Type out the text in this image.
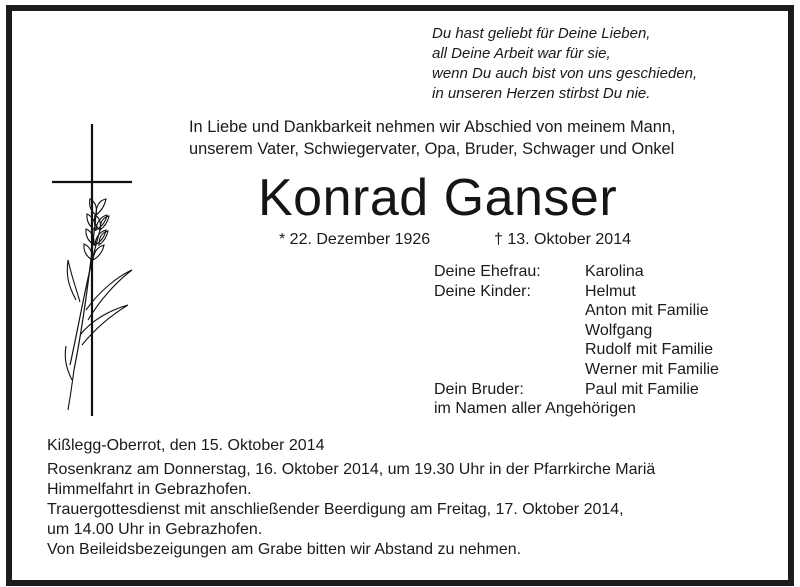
Du hast geliebt für Deine Lieben,
all Deine Arbeit war für sie,
wenn Du auch bist von uns geschieden,
in unseren Herzen stirbst Du nie.
In Liebe und Dankbarkeit nehmen wir Abschied von meinem Mann,
unserem Vater, Schwiegervater, Opa, Bruder, Schwager und Onkel
Konrad Ganser
* 22. Dezember 1926	† 13. Oktober 2014
Deine Ehefrau:	Karolina
Deine Kinder:	Helmut
Anton mit Familie
Wolfgang
Rudolf mit Familie
Werner mit Familie
Dein Bruder:	Paul mit Familie
im Namen aller Angehörigen
Kißlegg-Oberrot, den 15. Oktober 2014
Rosenkranz am Donnerstag, 16. Oktober 2014, um 19.30 Uhr in der Pfarrkirche Mariä
Himmelfahrt in Gebrazhofen.
Trauergottesdienst mit anschließender Beerdigung am Freitag, 17. Oktober 2014,
um 14.00 Uhr in Gebrazhofen.
Von Beileidsbezeigungen am Grabe bitten wir Abstand zu nehmen.
